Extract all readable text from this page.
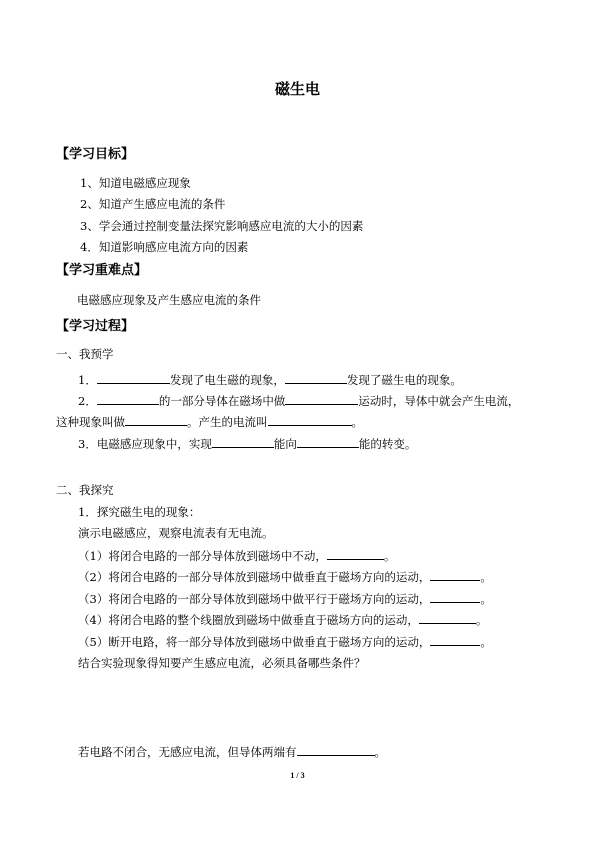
磁生电
【学习目标】
1、知道电磁感应现象
2、知道产生感应电流的条件
3、学会通过控制变量法探究影响感应电流的大小的因素
4．知道影响感应电流方向的因素
【学习重难点】
电磁感应现象及产生感应电流的条件
【学习过程】
一、我预学
1．	发现了电生磁的现象，	发现了磁生电的现象。
2．	的一部分导体在磁场中做	运动时，导体中就会产生电流，
这种现象叫做	。产生的电流叫	。
3．电磁感应现象中，实现	能向	能的转变。
二、我探究
1．探究磁生电的现象：
演示电磁感应，观察电流表有无电流。
（1）将闭合电路的一部分导体放到磁场中不动，	。
（2）将闭合电路的一部分导体放到磁场中做垂直于磁场方向的运动，	。
（3）将闭合电路的一部分导体放到磁场中做平行于磁场方向的运动，	。
（4）将闭合电路的整个线圈放到磁场中做垂直于磁场方向的运动，	。
（5）断开电路，将一部分导体放到磁场中做垂直于磁场方向的运动，	。
结合实验现象得知要产生感应电流，必须具备哪些条件？
若电路不闭合，无感应电流，但导体两端有	。
1 / 3
